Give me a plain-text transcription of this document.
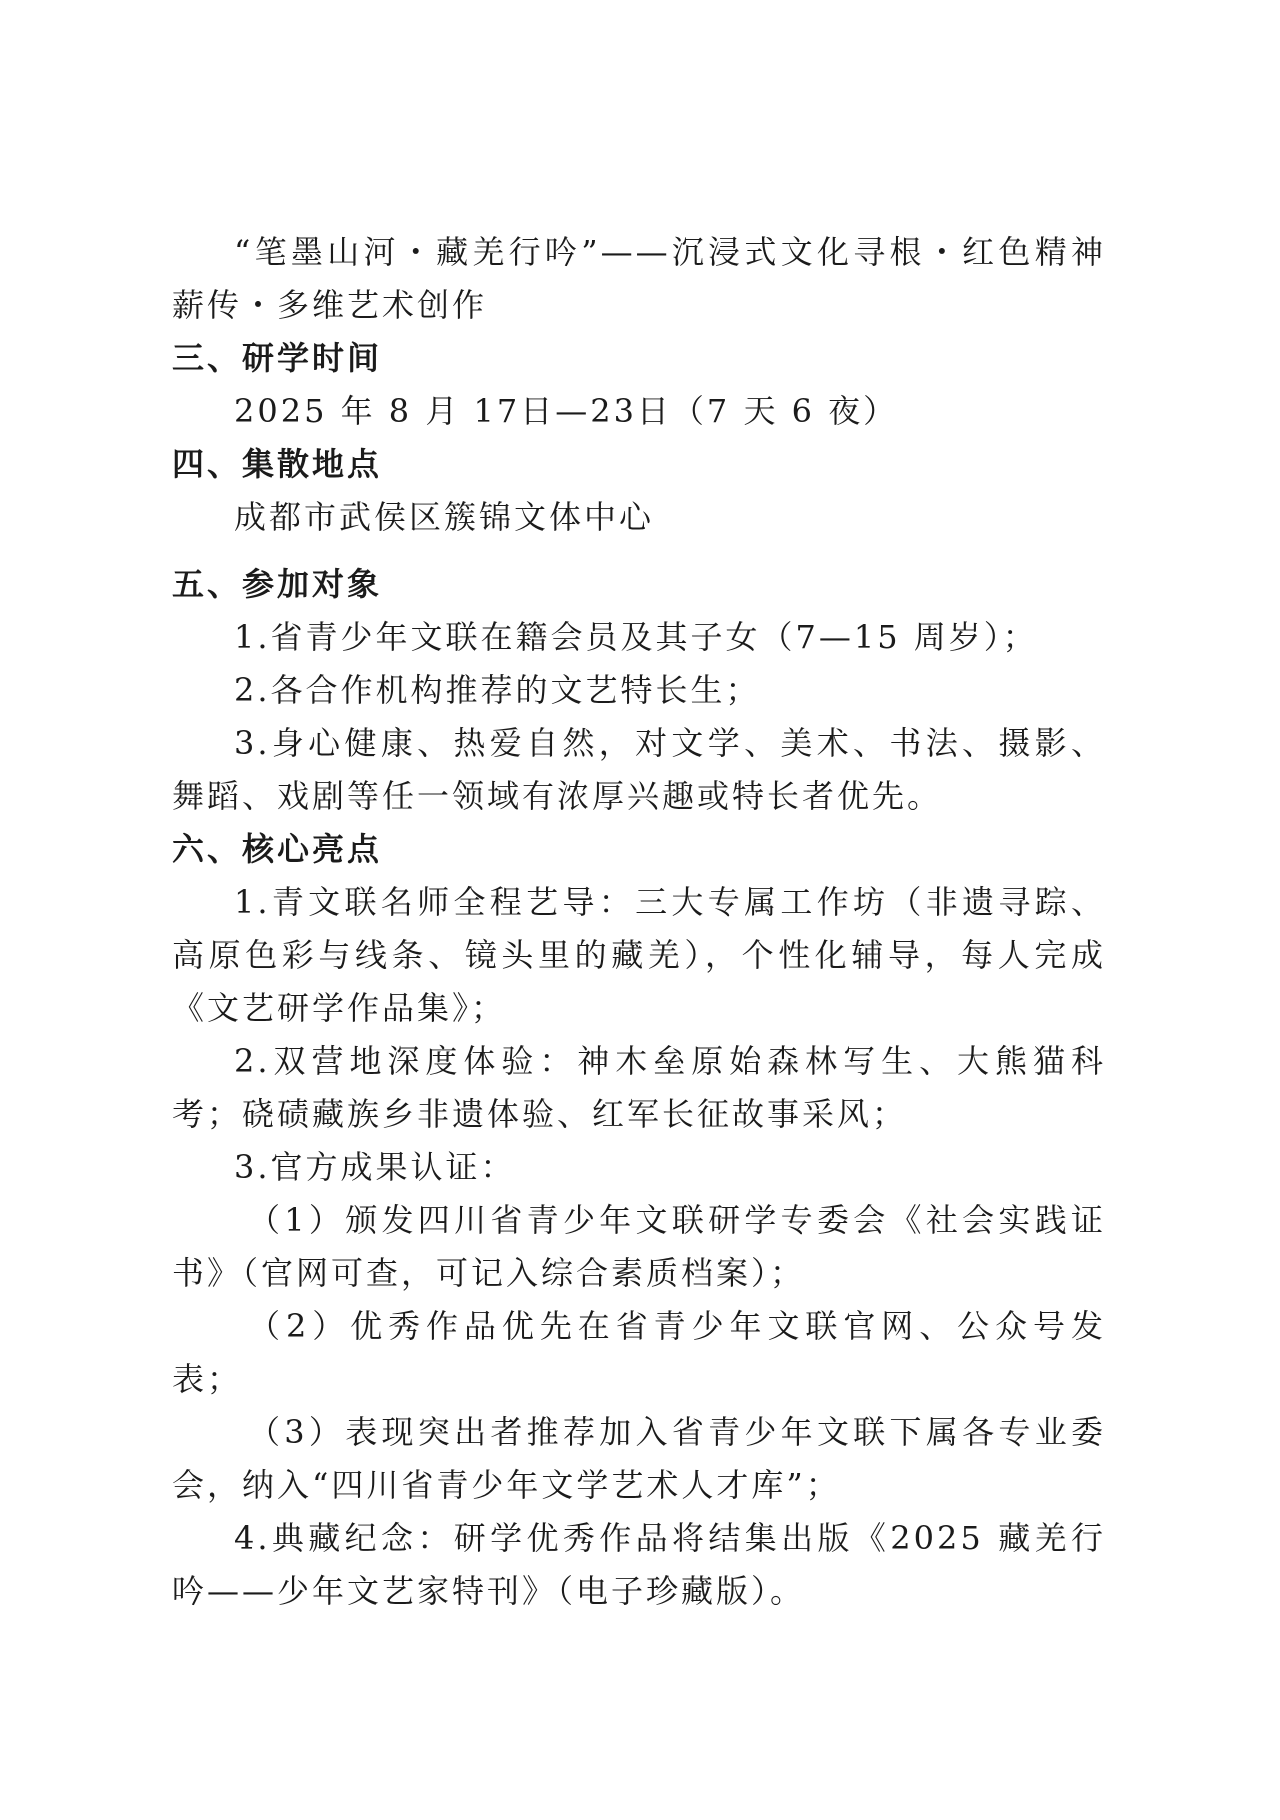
“笔墨山河・藏羌行吟”——沉浸式文化寻根・红色精神薪传・多维艺术创作

三、研学时间

2025 年 8 月 17日—23日（7 天 6 夜）

四、集散地点

成都市武侯区簇锦文体中心

五、参加对象

1.省青少年文联在籍会员及其子女（7—15 周岁）；

2.各合作机构推荐的文艺特长生；

3.身心健康、热爱自然，对文学、美术、书法、摄影、舞蹈、戏剧等任一领域有浓厚兴趣或特长者优先。

六、核心亮点

1.青文联名师全程艺导：三大专属工作坊（非遗寻踪、高原色彩与线条、镜头里的藏羌），个性化辅导，每人完成《文艺研学作品集》；

2.双营地深度体验：神木垒原始森林写生、大熊猫科考；硗碛藏族乡非遗体验、红军长征故事采风；

3.官方成果认证：

（1）颁发四川省青少年文联研学专委会《社会实践证书》（官网可查，可记入综合素质档案）；

（2）优秀作品优先在省青少年文联官网、公众号发表；

（3）表现突出者推荐加入省青少年文联下属各专业委会，纳入“四川省青少年文学艺术人才库”；

4.典藏纪念：研学优秀作品将结集出版《2025 藏羌行吟——少年文艺家特刊》（电子珍藏版）。
